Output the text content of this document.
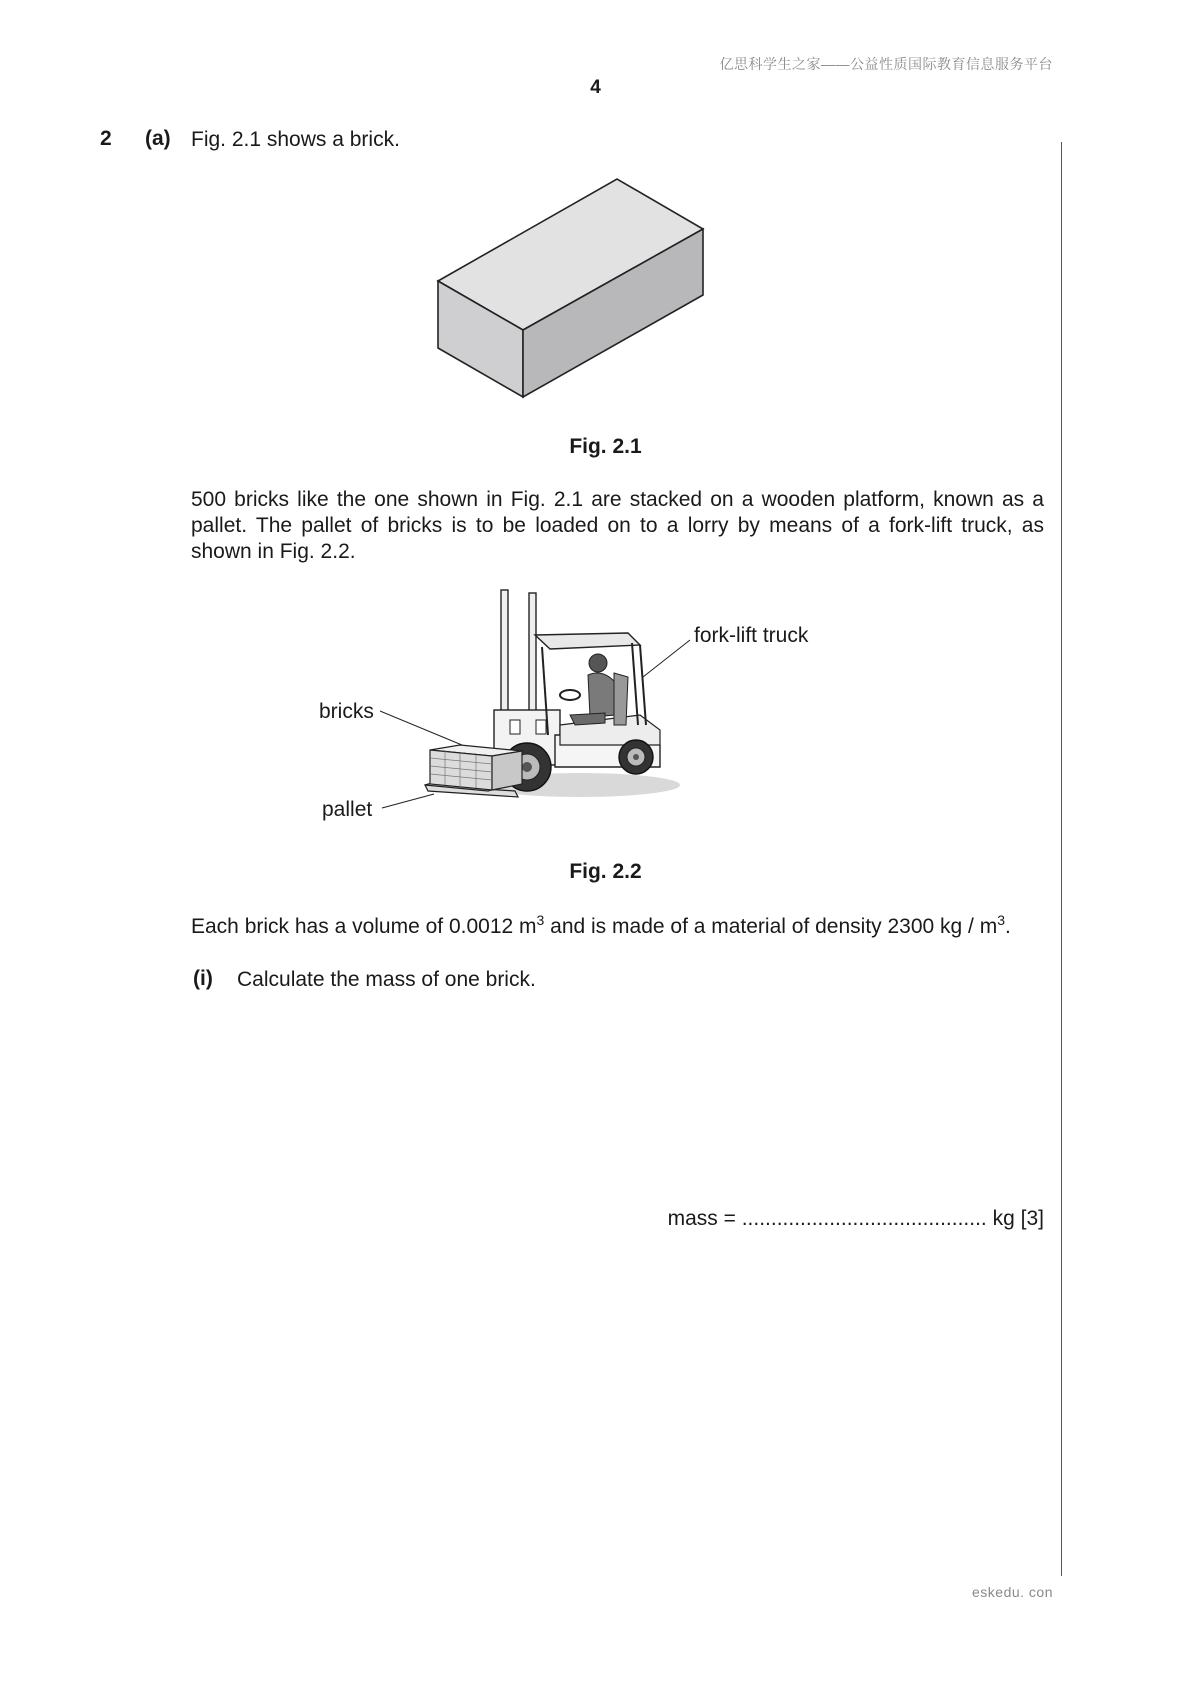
亿思科学生之家——公益性质国际教育信息服务平台
4
2 (a) Fig. 2.1 shows a brick.
Fig. 2.1
500 bricks like the one shown in Fig. 2.1 are stacked on a wooden platform, known as a pallet. The pallet of bricks is to be loaded on to a lorry by means of a fork-lift truck, as shown in Fig. 2.2.
fork-lift truck
bricks
pallet
Fig. 2.2
Each brick has a volume of 0.0012 $m^3$ and is made of a material of density 2300 kg / $m^3$.
(i) Calculate the mass of one brick.
mass = .......................................... kg [3]
eskedu. con
